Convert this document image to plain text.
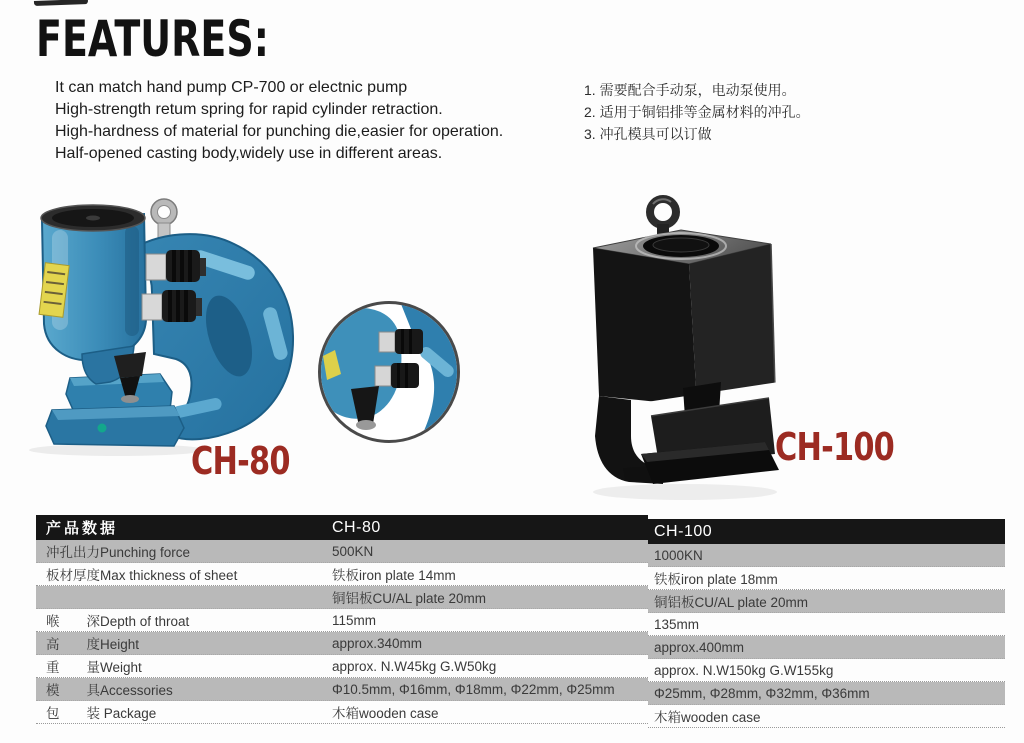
FEATURES:
It can match hand pump CP-700 or electnic pump
High-strength retum spring for rapid cylinder retraction.
High-hardness of material for punching die,easier for operation.
Half-opened casting body,widely use in different areas.
1. 需要配合手动泵，电动泵使用。
2. 适用于铜铝排等金属材料的冲孔。
3. 冲孔模具可以订做
CH-80	CH-100
产品数据	CH-80
冲孔出力Punching force	500KN
板材厚度Max thickness of sheet	铁板iron plate 14mm
铜铝板CU/AL plate 20mm
喉　　深Depth of throat	115mm
高　　度Height	approx.340mm
重　　量Weight	approx. N.W45kg G.W50kg
模　　具Accessories	Φ10.5mm, Φ16mm, Φ18mm, Φ22mm, Φ25mm
包　　装 Package	木箱wooden case
CH-100
1000KN
铁板iron plate 18mm
铜铝板CU/AL plate 20mm
135mm
approx.400mm
approx. N.W150kg G.W155kg
Φ25mm, Φ28mm, Φ32mm, Φ36mm
木箱wooden case
